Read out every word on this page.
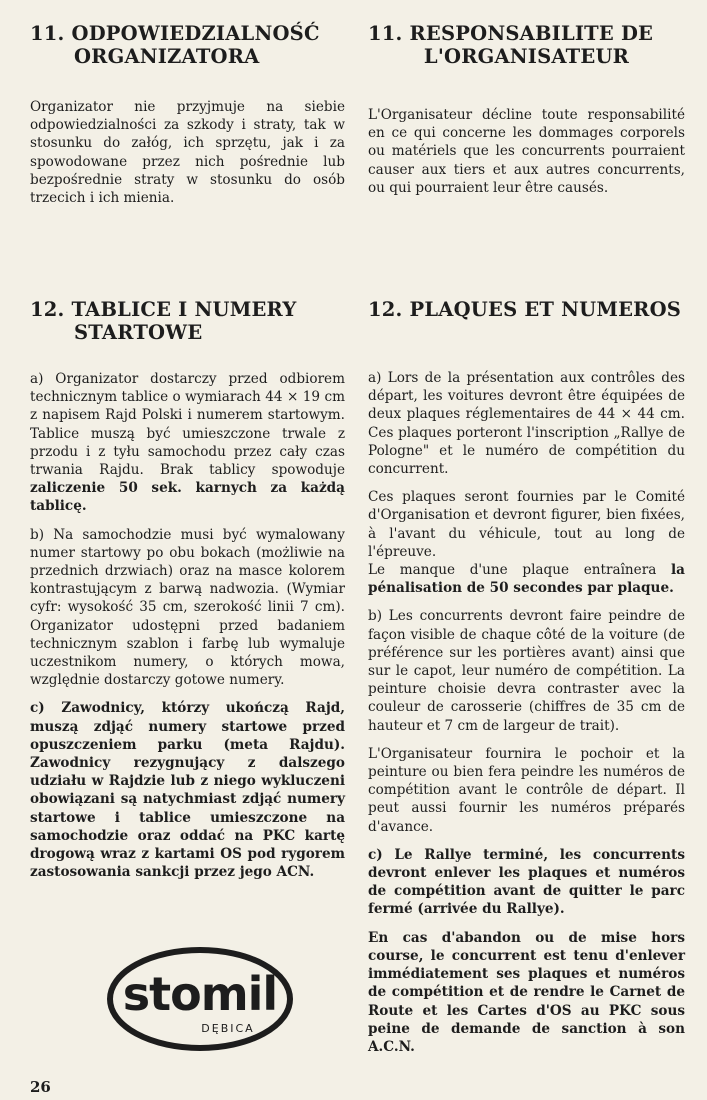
11. ODPOWIEDZIALNOŚĆ
ORGANIZATORA

Organizator nie przyjmuje na siebie odpowiedzialności za szkody i straty, tak w stosunku do załóg, ich sprzętu, jak i za spowodowane przez nich pośrednie lub bezpośrednie straty w stosunku do osób trzecich i ich mienia.

11. RESPONSABILITE DE
L'ORGANISATEUR

L'Organisateur décline toute responsabilité en ce qui concerne les dommages corporels ou matériels que les concurrents pourraient causer aux tiers et aux autres concurrents, ou qui pourraient leur être causés.

12. TABLICE I NUMERY
STARTOWE

a) Organizator dostarczy przed odbiorem technicznym tablice o wymiarach 44 × 19 cm z napisem Rajd Polski i numerem startowym. Tablice muszą być umieszczone trwale z przodu i z tyłu samochodu przez cały czas trwania Rajdu. Brak tablicy spowoduje zaliczenie 50 sek. karnych za każdą tablicę.

b) Na samochodzie musi być wymalowany numer startowy po obu bokach (możliwie na przednich drzwiach) oraz na masce kolorem kontrastującym z barwą nadwozia. (Wymiar cyfr: wysokość 35 cm, szerokość linii 7 cm). Organizator udostępni przed badaniem technicznym szablon i farbę lub wymaluje uczestnikom numery, o których mowa, względnie dostarczy gotowe numery.

c) Zawodnicy, którzy ukończą Rajd, muszą zdjąć numery startowe przed opuszczeniem parku (meta Rajdu). Zawodnicy rezygnujący z dalszego udziału w Rajdzie lub z niego wykluczeni obowiązani są natychmiast zdjąć numery startowe i tablice umieszczone na samochodzie oraz oddać na PKC kartę drogową wraz z kartami OS pod rygorem zastosowania sankcji przez jego ACN.

12. PLAQUES ET NUMEROS

a) Lors de la présentation aux contrôles des départ, les voitures devront être équipées de deux plaques réglementaires de 44 × 44 cm. Ces plaques porteront l'inscription „Rallye de Pologne" et le numéro de compétition du concurrent.

Ces plaques seront fournies par le Comité d'Organisation et devront figurer, bien fixées, à l'avant du véhicule, tout au long de l'épreuve.

Le manque d'une plaque entraînera la pénalisation de 50 secondes par plaque.

b) Les concurrents devront faire peindre de façon visible de chaque côté de la voiture (de préférence sur les portières avant) ainsi que sur le capot, leur numéro de compétition. La peinture choisie devra contraster avec la couleur de carosserie (chiffres de 35 cm de hauteur et 7 cm de largeur de trait).

L'Organisateur fournira le pochoir et la peinture ou bien fera peindre les numéros de compétition avant le contrôle de départ. Il peut aussi fournir les numéros préparés d'avance.

c) Le Rallye terminé, les concurrents devront enlever les plaques et numéros de compétition avant de quitter le parc fermé (arrivée du Rallye).

En cas d'abandon ou de mise hors course, le concurrent est tenu d'enlever immédiatement ses plaques et numéros de compétition et de rendre le Carnet de Route et les Cartes d'OS au PKC sous peine de demande de sanction à son A.C.N.

stomil
DĘBICA
26
